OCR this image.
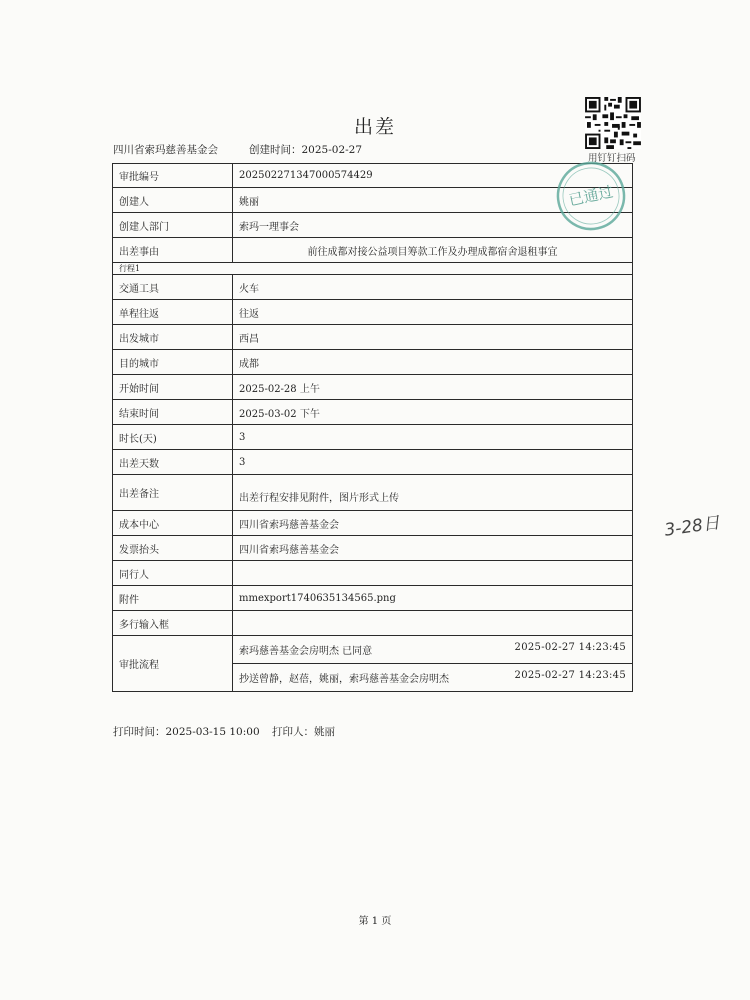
出差
四川省索玛慈善基金会	创建时间：2025-02-27
用钉钉扫码
审批编号	202502271347000574429
创建人	姚丽
创建人部门	索玛一理事会
出差事由	前往成都对接公益项目筹款工作及办理成都宿舍退租事宜
行程1	
交通工具	火车
单程往返	往返
出发城市	西昌
目的城市	成都
开始时间	2025-02-28 上午
结束时间	2025-03-02 下午
时长(天)	3
出差天数	3
出差备注	出差行程安排见附件，图片形式上传
成本中心	四川省索玛慈善基金会
发票抬头	四川省索玛慈善基金会
同行人	
附件	mmexport1740635134565.png
多行输入框	
审批流程	索玛慈善基金会房明杰 已同意 2025-02-27 14:23:45

	抄送曾静，赵蓓，姚丽，索玛慈善基金会房明杰 2025-02-27 14:23:45
已通过
3-28日
打印时间：2025-03-15 10:00 打印人：姚丽
第 1 页
